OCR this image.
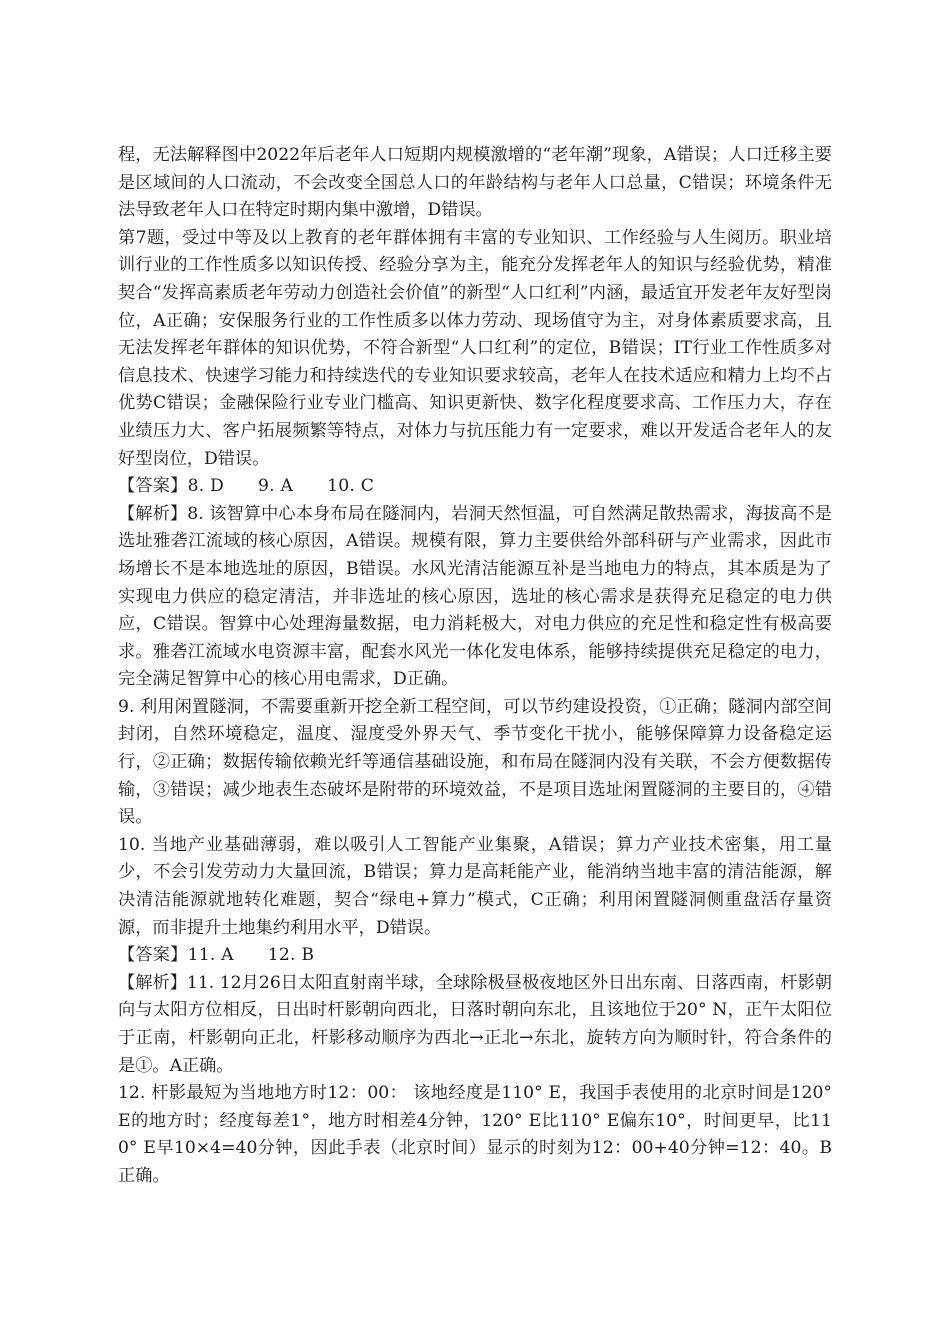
程，无法解释图中2022年后老年人口短期内规模激增的“老年潮”现象，A错误；人口迁移主要是区域间的人口流动，不会改变全国总人口的年龄结构与老年人口总量，C错误；环境条件无法导致老年人口在特定时期内集中激增，D错误。

第7题，受过中等及以上教育的老年群体拥有丰富的专业知识、工作经验与人生阅历。职业培训行业的工作性质多以知识传授、经验分享为主，能充分发挥老年人的知识与经验优势，精准契合“发挥高素质老年劳动力创造社会价值”的新型“人口红利”内涵，最适宜开发老年友好型岗位，A正确；安保服务行业的工作性质多以体力劳动、现场值守为主，对身体素质要求高，且无法发挥老年群体的知识优势，不符合新型“人口红利”的定位，B错误；IT行业工作性质多对信息技术、快速学习能力和持续迭代的专业知识要求较高，老年人在技术适应和精力上均不占优势C错误；金融保险行业专业门槛高、知识更新快、数字化程度要求高、工作压力大，存在业绩压力大、客户拓展频繁等特点，对体力与抗压能力有一定要求，难以开发适合老年人的友好型岗位，D错误。

【答案】8. D 9. A 10. C

【解析】8. 该智算中心本身布局在隧洞内，岩洞天然恒温，可自然满足散热需求，海拔高不是选址雅砻江流域的核心原因，A错误。规模有限，算力主要供给外部科研与产业需求，因此市场增长不是本地选址的原因，B错误。水风光清洁能源互补是当地电力的特点，其本质是为了实现电力供应的稳定清洁，并非选址的核心原因，选址的核心需求是获得充足稳定的电力供应，C错误。智算中心处理海量数据，电力消耗极大，对电力供应的充足性和稳定性有极高要求。雅砻江流域水电资源丰富，配套水风光一体化发电体系，能够持续提供充足稳定的电力，完全满足智算中心的核心用电需求，D正确。

9. 利用闲置隧洞，不需要重新开挖全新工程空间，可以节约建设投资，①正确；隧洞内部空间封闭，自然环境稳定，温度、湿度受外界天气、季节变化干扰小，能够保障算力设备稳定运行，②正确；数据传输依赖光纤等通信基础设施，和布局在隧洞内没有关联，不会方便数据传输，③错误；减少地表生态破坏是附带的环境效益，不是项目选址闲置隧洞的主要目的，④错误。

10. 当地产业基础薄弱，难以吸引人工智能产业集聚，A错误；算力产业技术密集，用工量少，不会引发劳动力大量回流，B错误；算力是高耗能产业，能消纳当地丰富的清洁能源，解决清洁能源就地转化难题，契合“绿电+算力”模式，C正确；利用闲置隧洞侧重盘活存量资源，而非提升土地集约利用水平，D错误。

【答案】11. A 12. B

【解析】11. 12月26日太阳直射南半球，全球除极昼极夜地区外日出东南、日落西南，杆影朝向与太阳方位相反，日出时杆影朝向西北，日落时朝向东北，且该地位于20° N，正午太阳位于正南，杆影朝向正北，杆影移动顺序为西北→正北→东北，旋转方向为顺时针，符合条件的是①。A正确。

12. 杆影最短为当地地方时12：00： 该地经度是110° E，我国手表使用的北京时间是120° E的地方时；经度每差1°，地方时相差4分钟，120° E比110° E偏东10°，时间更早，比110° E早10×4=40分钟，因此手表（北京时间）显示的时刻为12：00+40分钟=12：40。B正确。
